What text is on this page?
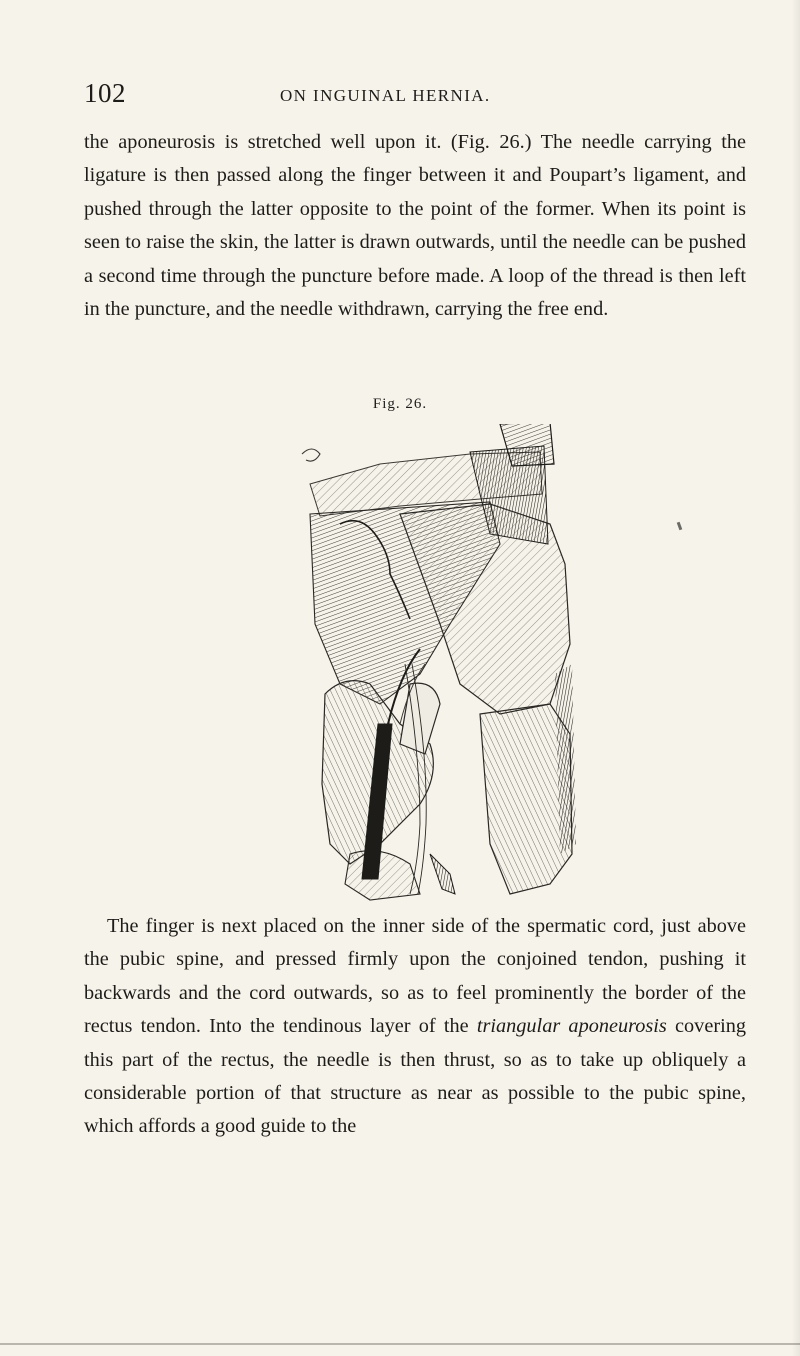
102	ON INGUINAL HERNIA.

the aponeurosis is stretched well upon it. (Fig. 26.) The needle carrying the ligature is then passed along the finger between it and Poupart’s ligament, and pushed through the latter opposite to the point of the former. When its point is seen to raise the skin, the latter is drawn outwards, until the needle can be pushed a second time through the puncture before made. A loop of the thread is then left in the puncture, and the needle withdrawn, carrying the free end.

Fig. 26.

The finger is next placed on the inner side of the spermatic cord, just above the pubic spine, and pressed firmly upon the conjoined tendon, pushing it backwards and the cord outwards, so as to feel prominently the border of the rectus tendon. Into the tendinous layer of the triangular aponeurosis covering this part of the rectus, the needle is then thrust, so as to take up obliquely a considerable portion of that structure as near as possible to the pubic spine, which affords a good guide to the
